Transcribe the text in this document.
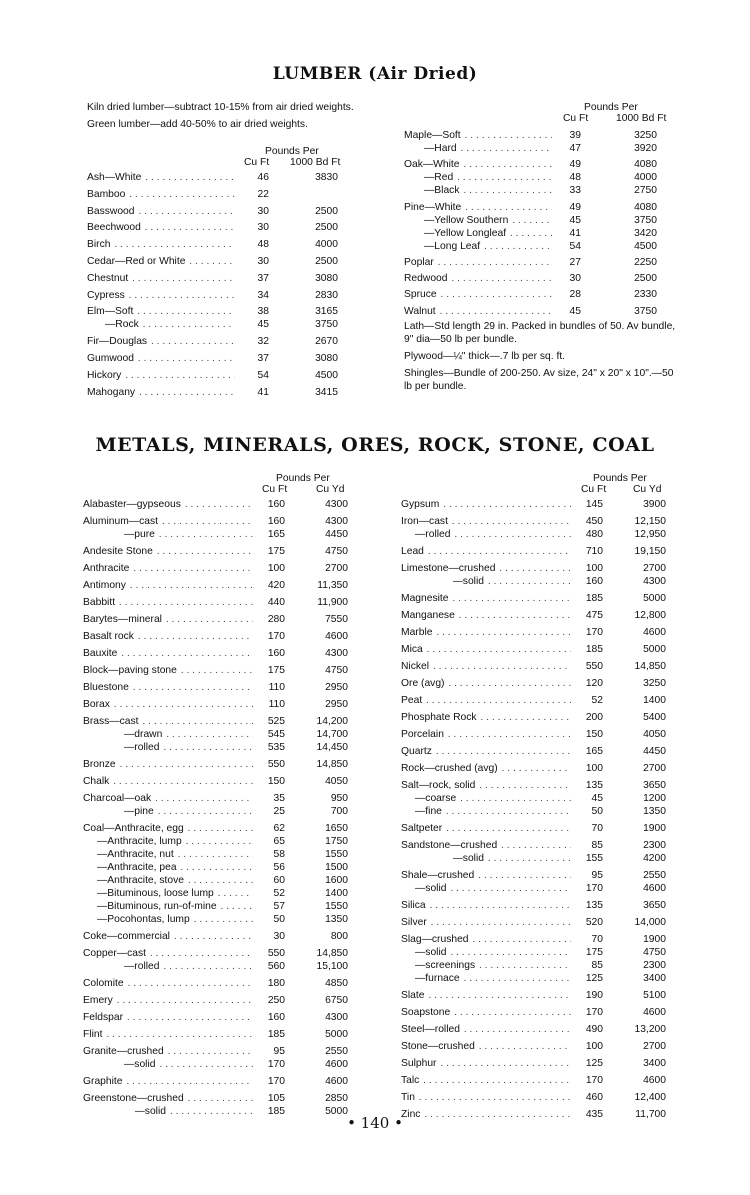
LUMBER (Air Dried)
Kiln dried lumber—subtract 10-15% from air dried weights.
Green lumber—add 40-50% to air dried weights.
Pounds Per
Cu Ft 1000 Bd Ft
Ash—White . . .	46	3830
Bamboo . . .	22
Basswood . . .	30	2500
Beechwood . . .	30	2500
Birch . . .	48	4000
Cedar—Red or White . . .	30	2500
Chestnut . . .	37	3080
Cypress . . .	34	2830
Elm—Soft . . .	38	3165
—Rock . . .	45	3750
Fir—Douglas . . .	32	2670
Gumwood . . .	37	3080
Hickory . . .	54	4500
Mahogany . . .	41	3415
Pounds Per
Cu Ft	1000 Bd Ft
Maple—Soft . . .	39	3250
—Hard . . .	47	3920
Oak—White . . .	49	4080
—Red . . .	48	4000
—Black . . .	33	2750
Pine—White . . .	49	4080
—Yellow Southern . . .	45	3750
—Yellow Longleaf . . .	41	3420
—Long Leaf . . .	54	4500
Poplar . . .	27	2250
Redwood . . .	30	2500
Spruce . . .	28	2330
Walnut . . .	45	3750
Lath—Std length 29 in. Packed in bundles of 50. Av bundle, 9" dia—50 lb per bundle.
Plywood—¼" thick—.7 lb per sq. ft.
Shingles—Bundle of 200-250. Av size, 24" x 20" x 10".—50 lb per bundle.
METALS, MINERALS, ORES, ROCK, STONE, COAL
Pounds Per
Cu Ft	Cu Yd
Alabaster—gypseous . . .	160	4300
Aluminum—cast . . .	160	4300
—pure . . .	165	4450
Andesite Stone . . .	175	4750
Anthracite . . .	100	2700
Antimony . . .	420	11,350
Babbitt . . .	440	11,900
Barytes—mineral . . .	280	7550
Basalt rock . . .	170	4600
Bauxite . . .	160	4300
Block—paving stone . . .	175	4750
Bluestone . . .	110	2950
Borax . . .	110	2950
Brass—cast . . .	525	14,200
—drawn . . .	545	14,700
—rolled . . .	535	14,450
Bronze . . .	550	14,850
Chalk . . .	150	4050
Charcoal—oak . . .	35	950
—pine . . .	25	700
Coal—Anthracite, egg . . .	62	1650
—Anthracite, lump . . .	65	1750
—Anthracite, nut . . .	58	1550
—Anthracite, pea . . .	56	1500
—Anthracite, stove . . .	60	1600
—Bituminous, loose lump . . .	52	1400
—Bituminous, run-of-mine . . .	57	1550
—Pocohontas, lump . . .	50	1350
Coke—commercial . . .	30	800
Copper—cast . . .	550	14,850
—rolled . . .	560	15,100
Colomite . . .	180	4850
Emery . . .	250	6750
Feldspar . . .	160	4300
Flint . . .	185	5000
Granite—crushed . . .	95	2550
—solid . . .	170	4600
Graphite . . .	170	4600
Greenstone—crushed . . .	105	2850
—solid . . .	185	5000
Pounds Per
Cu Ft	Cu Yd
Gypsum . . .	145	3900
Iron—cast . . .	450	12,150
—rolled . . .	480	12,950
Lead . . .	710	19,150
Limestone—crushed . . .	100	2700
—solid . . .	160	4300
Magnesite . . .	185	5000
Manganese . . .	475	12,800
Marble . . .	170	4600
Mica . . .	185	5000
Nickel . . .	550	14,850
Ore (avg) . . .	120	3250
Peat . . .	52	1400
Phosphate Rock . . .	200	5400
Porcelain . . .	150	4050
Quartz . . .	165	4450
Rock—crushed (avg) . . .	100	2700
Salt—rock, solid . . .	135	3650
—coarse . . .	45	1200
—fine . . .	50	1350
Saltpeter . . .	70	1900
Sandstone—crushed . . .	85	2300
—solid . . .	155	4200
Shale—crushed . . .	95	2550
—solid . . .	170	4600
Silica . . .	135	3650
Silver . . .	520	14,000
Slag—crushed . . .	70	1900
—solid . . .	175	4750
—screenings . . .	85	2300
—furnace . . .	125	3400
Slate . . .	190	5100
Soapstone . . .	170	4600
Steel—rolled . . .	490	13,200
Stone—crushed . . .	100	2700
Sulphur . . .	125	3400
Talc . . .	170	4600
Tin . . .	460	12,400
Zinc . . .	435	11,700
• 140 •
